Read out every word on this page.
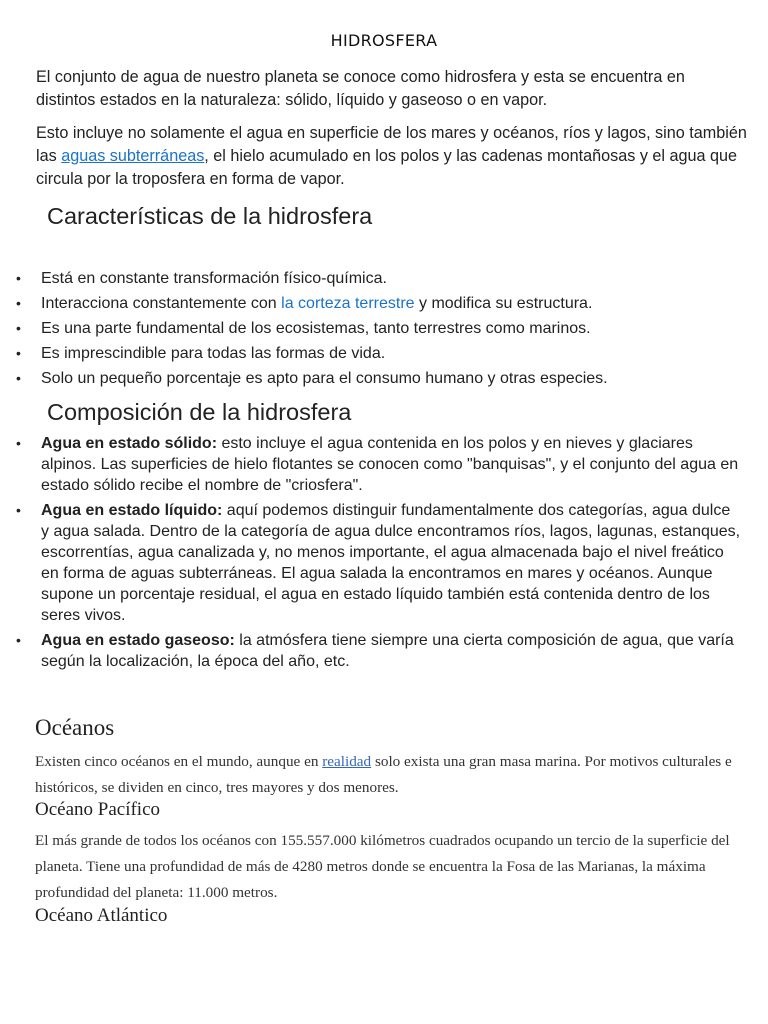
HIDROSFERA

El conjunto de agua de nuestro planeta se conoce como hidrosfera y esta se encuentra en distintos estados en la naturaleza: sólido, líquido y gaseoso o en vapor.

Esto incluye no solamente el agua en superficie de los mares y océanos, ríos y lagos, sino también las aguas subterráneas, el hielo acumulado en los polos y las cadenas montañosas y el agua que circula por la troposfera en forma de vapor.

Características de la hidrosfera
• Está en constante transformación físico-química.
• Interacciona constantemente con la corteza terrestre y modifica su estructura.
• Es una parte fundamental de los ecosistemas, tanto terrestres como marinos.
• Es imprescindible para todas las formas de vida.
• Solo un pequeño porcentaje es apto para el consumo humano y otras especies.
Composición de la hidrosfera
• Agua en estado sólido: esto incluye el agua contenida en los polos y en nieves y glaciares alpinos. Las superficies de hielo flotantes se conocen como "banquisas", y el conjunto del agua en estado sólido recibe el nombre de "criosfera".
• Agua en estado líquido: aquí podemos distinguir fundamentalmente dos categorías, agua dulce y agua salada. Dentro de la categoría de agua dulce encontramos ríos, lagos, lagunas, estanques, escorrentías, agua canalizada y, no menos importante, el agua almacenada bajo el nivel freático en forma de aguas subterráneas. El agua salada la encontramos en mares y océanos. Aunque supone un porcentaje residual, el agua en estado líquido también está contenida dentro de los seres vivos.
• Agua en estado gaseoso: la atmósfera tiene siempre una cierta composición de agua, que varía según la localización, la época del año, etc.
Océanos

Existen cinco océanos en el mundo, aunque en realidad solo exista una gran masa marina. Por motivos culturales e históricos, se dividen en cinco, tres mayores y dos menores.

Océano Pacífico

El más grande de todos los océanos con 155.557.000 kilómetros cuadrados ocupando un tercio de la superficie del planeta. Tiene una profundidad de más de 4280 metros donde se encuentra la Fosa de las Marianas, la máxima profundidad del planeta: 11.000 metros.

Océano Atlántico
